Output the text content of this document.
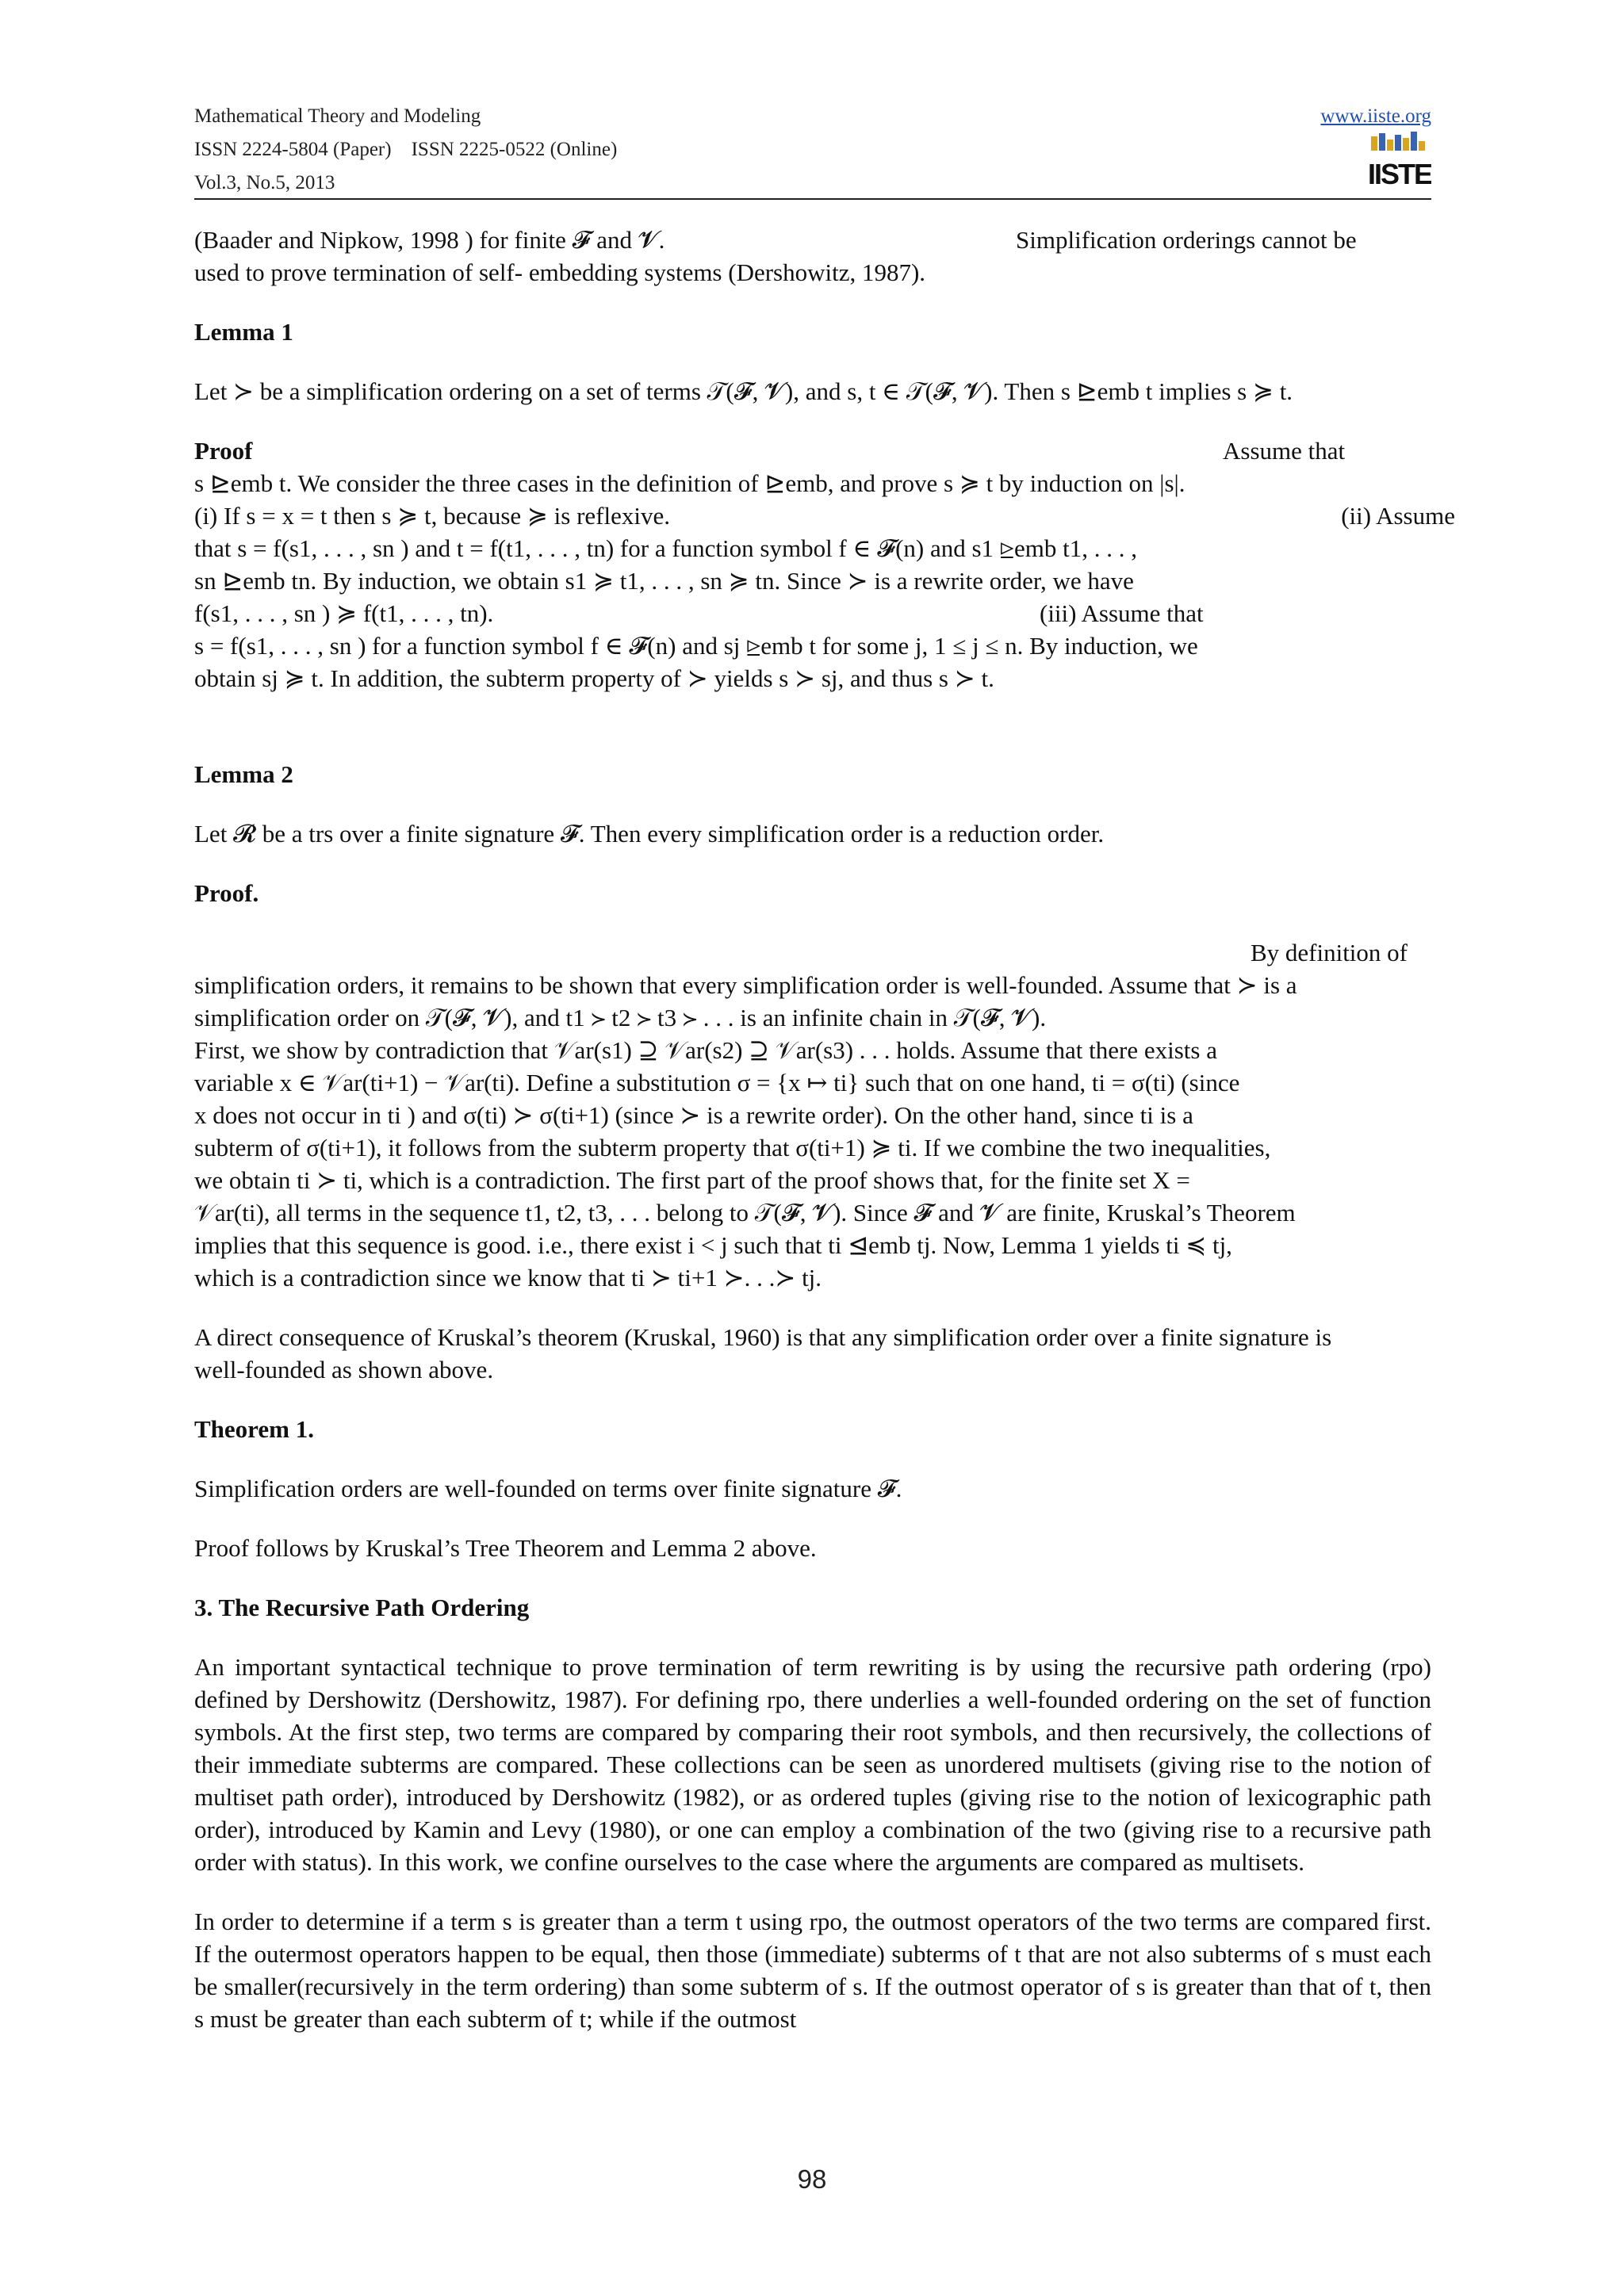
Mathematical Theory and Modeling
ISSN 2224-5804 (Paper)    ISSN 2225-0522 (Online)
Vol.3, No.5, 2013
www.iiste.org
IISTE

(Baader and Nipkow, 1998 ) for finite 𝓕 and 𝓥.	Simplification orderings cannot be

used to prove termination of self- embedding systems (Dershowitz, 1987).

Lemma 1

Let ≻ be a simplification ordering on a set of terms 𝒯(𝓕, 𝓥), and s, t ∈ 𝒯(𝓕, 𝓥). Then s ⊵emb t implies s ≽ t.

Proof	Assume that

s ⊵emb t. We consider the three cases in the definition of ⊵emb, and prove s ≽ t by induction on |s|.

(i) If s = x = t then s ≽ t, because ≽ is reflexive.	(ii) Assume

that s = f(s1, . . . , sn ) and t = f(t1, . . . , tn) for a function symbol f ∈ 𝓕(n) and s1 ⊵emb t1, . . . ,

sn ⊵emb tn. By induction, we obtain s1 ≽ t1, . . . , sn ≽ tn. Since ≻ is a rewrite order, we have

f(s1, . . . , sn ) ≽ f(t1, . . . , tn).	(iii) Assume that

s = f(s1, . . . , sn ) for a function symbol f ∈ 𝓕(n) and sj ⊵emb t for some j, 1 ≤ j ≤ n. By induction, we

obtain sj ≽ t. In addition, the subterm property of ≻ yields s ≻ sj, and thus s ≻ t.

Lemma 2

Let 𝓡 be a trs over a finite signature 𝓕. Then every simplification order is a reduction order.

Proof.

By definition of

simplification orders, it remains to be shown that every simplification order is well-founded. Assume that ≻ is a

simplification order on 𝒯(𝓕, 𝓥), and t1 ≻ t2 ≻ t3 ≻ . . . is an infinite chain in 𝒯(𝓕, 𝓥).

First, we show by contradiction that 𝒱ar(s1) ⊇ 𝒱ar(s2) ⊇ 𝒱ar(s3) . . . holds. Assume that there exists a

variable x ∈ 𝒱ar(ti+1) − 𝒱ar(ti). Define a substitution σ = {x ↦ ti} such that on one hand, ti = σ(ti) (since

x does not occur in ti ) and σ(ti) ≻ σ(ti+1) (since ≻ is a rewrite order). On the other hand, since ti is a

subterm of σ(ti+1), it follows from the subterm property that σ(ti+1) ≽ ti. If we combine the two inequalities,

we obtain ti ≻ ti, which is a contradiction. The first part of the proof shows that, for the finite set X =

𝒱ar(ti), all terms in the sequence t1, t2, t3, . . . belong to 𝒯(𝓕, 𝓥). Since 𝓕 and 𝓥 are finite, Kruskal’s Theorem

implies that this sequence is good. i.e., there exist i < j such that ti ⊴emb tj. Now, Lemma 1 yields ti ≼ tj,

which is a contradiction since we know that ti ≻ ti+1 ≻. . .≻ tj.

A direct consequence of Kruskal’s theorem (Kruskal, 1960) is that any simplification order over a finite signature is well-founded as shown above.

Theorem 1.

Simplification orders are well-founded on terms over finite signature 𝓕.

Proof follows by Kruskal’s Tree Theorem and Lemma 2 above.

3. The Recursive Path Ordering

An important syntactical technique to prove termination of term rewriting is by using the recursive path ordering (rpo) defined by Dershowitz (Dershowitz, 1987). For defining rpo, there underlies a well-founded ordering on the set of function symbols. At the first step, two terms are compared by comparing their root symbols, and then recursively, the collections of their immediate subterms are compared. These collections can be seen as unordered multisets (giving rise to the notion of multiset path order), introduced by Dershowitz (1982), or as ordered tuples (giving rise to the notion of lexicographic path order), introduced by Kamin and Levy (1980), or one can employ a combination of the two (giving rise to a recursive path order with status). In this work, we confine ourselves to the case where the arguments are compared as multisets.

In order to determine if a term s is greater than a term t using rpo, the outmost operators of the two terms are compared first. If the outermost operators happen to be equal, then those (immediate) subterms of t that are not also subterms of s must each be smaller(recursively in the term ordering) than some subterm of s. If the outmost operator of s is greater than that of t, then s must be greater than each subterm of t; while if the outmost

98
